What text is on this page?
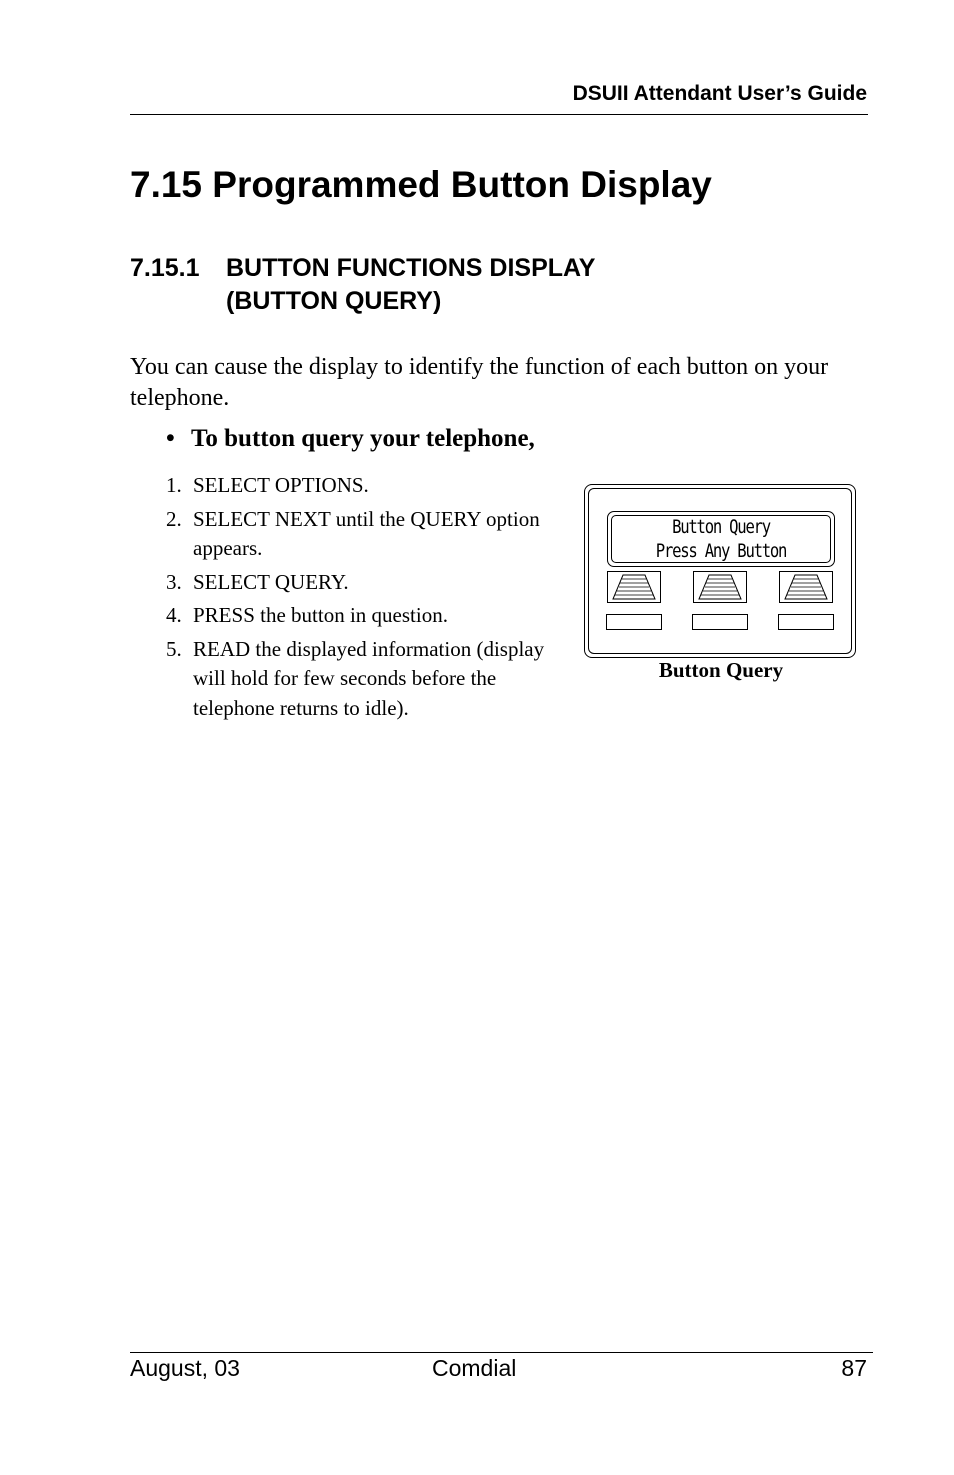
DSUII Attendant User’s Guide
7.15 Programmed Button Display
7.15.1 BUTTON FUNCTIONS DISPLAY
(BUTTON QUERY)
You can cause the display to identify the function of each button on your telephone.
• To button query your telephone,
1. SELECT OPTIONS.
2. SELECT NEXT until the QUERY option appears.
3. SELECT QUERY.
4. PRESS the button in question.
5. READ the displayed information (display will hold for few seconds before the telephone returns to idle).
Button Query
Press Any Button
Button Query
August, 03	Comdial	87
